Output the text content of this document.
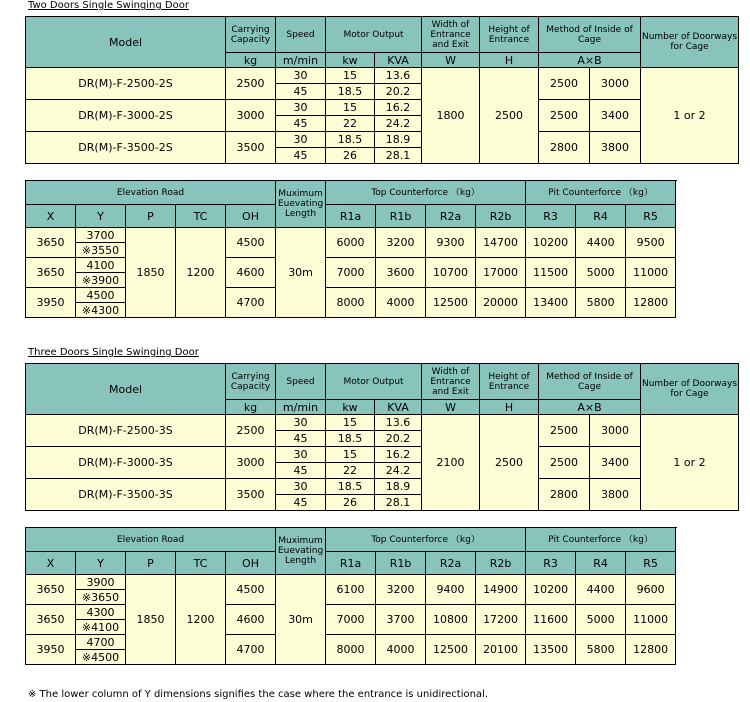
Two Doors Single Swinging Door
Model	Carrying Capacity	Speed	Motor Output		Width of Entrance and Exit	Height of Entrance	Method of Inside of Cage		Number of Doorways for Cage
	kg	m/min	kw	KVA	W	H	A×B		
DR(M)-F-2500-2S	2500	30	15	13.6	1800	2500	2500	3000	1 or 2
		45	18.5	20.2					
DR(M)-F-3000-2S	3000	30	15	16.2			2500	3400	
		45	22	24.2					
DR(M)-F-3500-2S	3500	30	18.5	18.9			2800	3800	
		45	26	28.1					
Elevation Road					Muximum Euevating Length	Top Counterforce （kg）				Pit Counterforce （kg）			
X	Y	P	TC	OH		R1a	R1b	R2a	R2b	R3	R4	R5	
3650	3700	1850	1200	4500	30m	6000	3200	9300	14700	10200	4400	9500	
	※3550												
3650	4100			4600		7000	3600	10700	17000	11500	5000	11000	
	※3900												
3950	4500			4700		8000	4000	12500	20000	13400	5800	12800	
	※4300												
Three Doors Single Swinging Door
Model	Carrying Capacity	Speed	Motor Output		Width of Entrance and Exit	Height of Entrance	Method of Inside of Cage		Number of Doorways for Cage
	kg	m/min	kw	KVA	W	H	A×B		
DR(M)-F-2500-3S	2500	30	15	13.6	2100	2500	2500	3000	1 or 2
		45	18.5	20.2					
DR(M)-F-3000-3S	3000	30	15	16.2			2500	3400	
		45	22	24.2					
DR(M)-F-3500-3S	3500	30	18.5	18.9			2800	3800	
		45	26	28.1					
Elevation Road					Muximum Euevating Length	Top Counterforce （kg）				Pit Counterforce （kg）			
X	Y	P	TC	OH		R1a	R1b	R2a	R2b	R3	R4	R5	
3650	3900	1850	1200	4500	30m	6100	3200	9400	14900	10200	4400	9600	
	※3650												
3650	4300			4600		7000	3700	10800	17200	11600	5000	11000	
	※4100												
3950	4700			4700		8000	4000	12500	20100	13500	5800	12800	
	※4500												
※ The lower column of Y dimensions signifies the case where the entrance is unidirectional.
